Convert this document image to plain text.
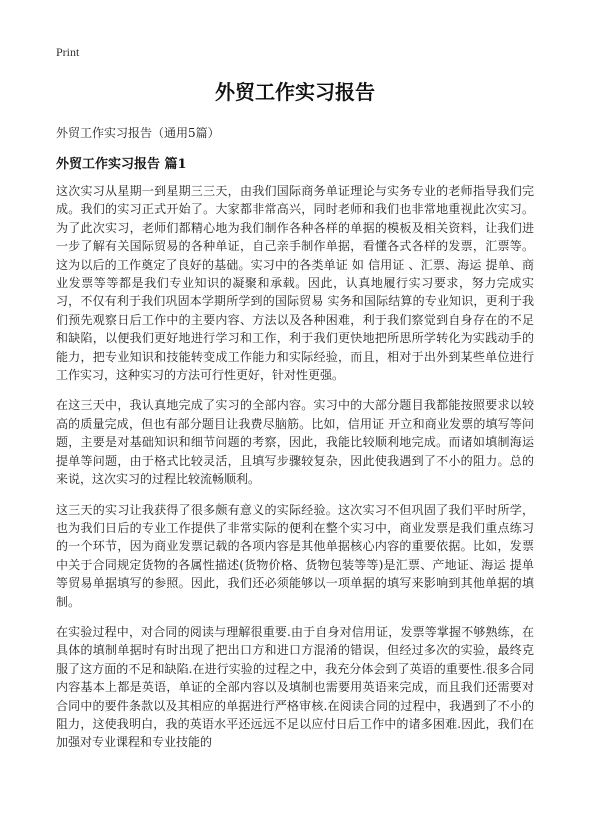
Print
外贸工作实习报告
外贸工作实习报告（通用5篇）
外贸工作实习报告 篇1

这次实习从星期一到星期三三天，由我们国际商务单证理论与实务专业的老师指导我们完成。我们的实习正式开始了。大家都非常高兴，同时老师和我们也非常地重视此次实习。为了此次实习，老师们都精心地为我们制作各种各样的单据的模板及相关资料，让我们进一步了解有关国际贸易的各种单证，自己亲手制作单据，看懂各式各样的发票，汇票等。这为以后的工作奠定了良好的基础。实习中的各类单证 如 信用证 、汇票、海运 提单、商业发票等等都是我们专业知识的凝聚和承载。因此，认真地履行实习要求，努力完成实习，不仅有利于我们巩固本学期所学到的国际贸易 实务和国际结算的专业知识，更利于我们预先观察日后工作中的主要内容、方法以及各种困难，利于我们察觉到自身存在的不足和缺陷，以便我们更好地进行学习和工作，利于我们更快地把所思所学转化为实践动手的能力，把专业知识和技能转变成工作能力和实际经验，而且，相对于出外到某些单位进行工作实习，这种实习的方法可行性更好，针对性更强。

在这三天中，我认真地完成了实习的全部内容。实习中的大部分题目我都能按照要求以较高的质量完成，但也有部分题目让我费尽脑筋。比如，信用证 开立和商业发票的填写等问题，主要是对基础知识和细节问题的考察，因此，我能比较顺利地完成。而诸如填制海运 提单等问题，由于格式比较灵活，且填写步骤较复杂，因此使我遇到了不小的阻力。总的来说，这次实习的过程比较流畅顺利。

这三天的实习让我获得了很多颇有意义的实际经验。这次实习不但巩固了我们平时所学，也为我们日后的专业工作提供了非常实际的便利在整个实习中，商业发票是我们重点练习的一个环节，因为商业发票记载的各项内容是其他单据核心内容的重要依据。比如，发票中关于合同规定货物的各属性描述(货物价格、货物包装等等)是汇票、产地证、海运 提单等贸易单据填写的参照。因此，我们还必须能够以一项单据的填写来影响到其他单据的填制。

在实验过程中，对合同的阅读与理解很重要.由于自身对信用证，发票等掌握不够熟练，在具体的填制单据时有时出现了把出口方和进口方混淆的错误，但经过多次的实验，最终克服了这方面的不足和缺陷.在进行实验的过程之中，我充分体会到了英语的重要性.很多合同内容基本上都是英语，单证的全部内容以及填制也需要用英语来完成，而且我们还需要对合同中的要件条款以及其相应的单据进行严格审核.在阅读合同的过程中，我遇到了不小的阻力，这使我明白，我的英语水平还远远不足以应付日后工作中的诸多困难.因此，我们在加强对专业课程和专业技能的
